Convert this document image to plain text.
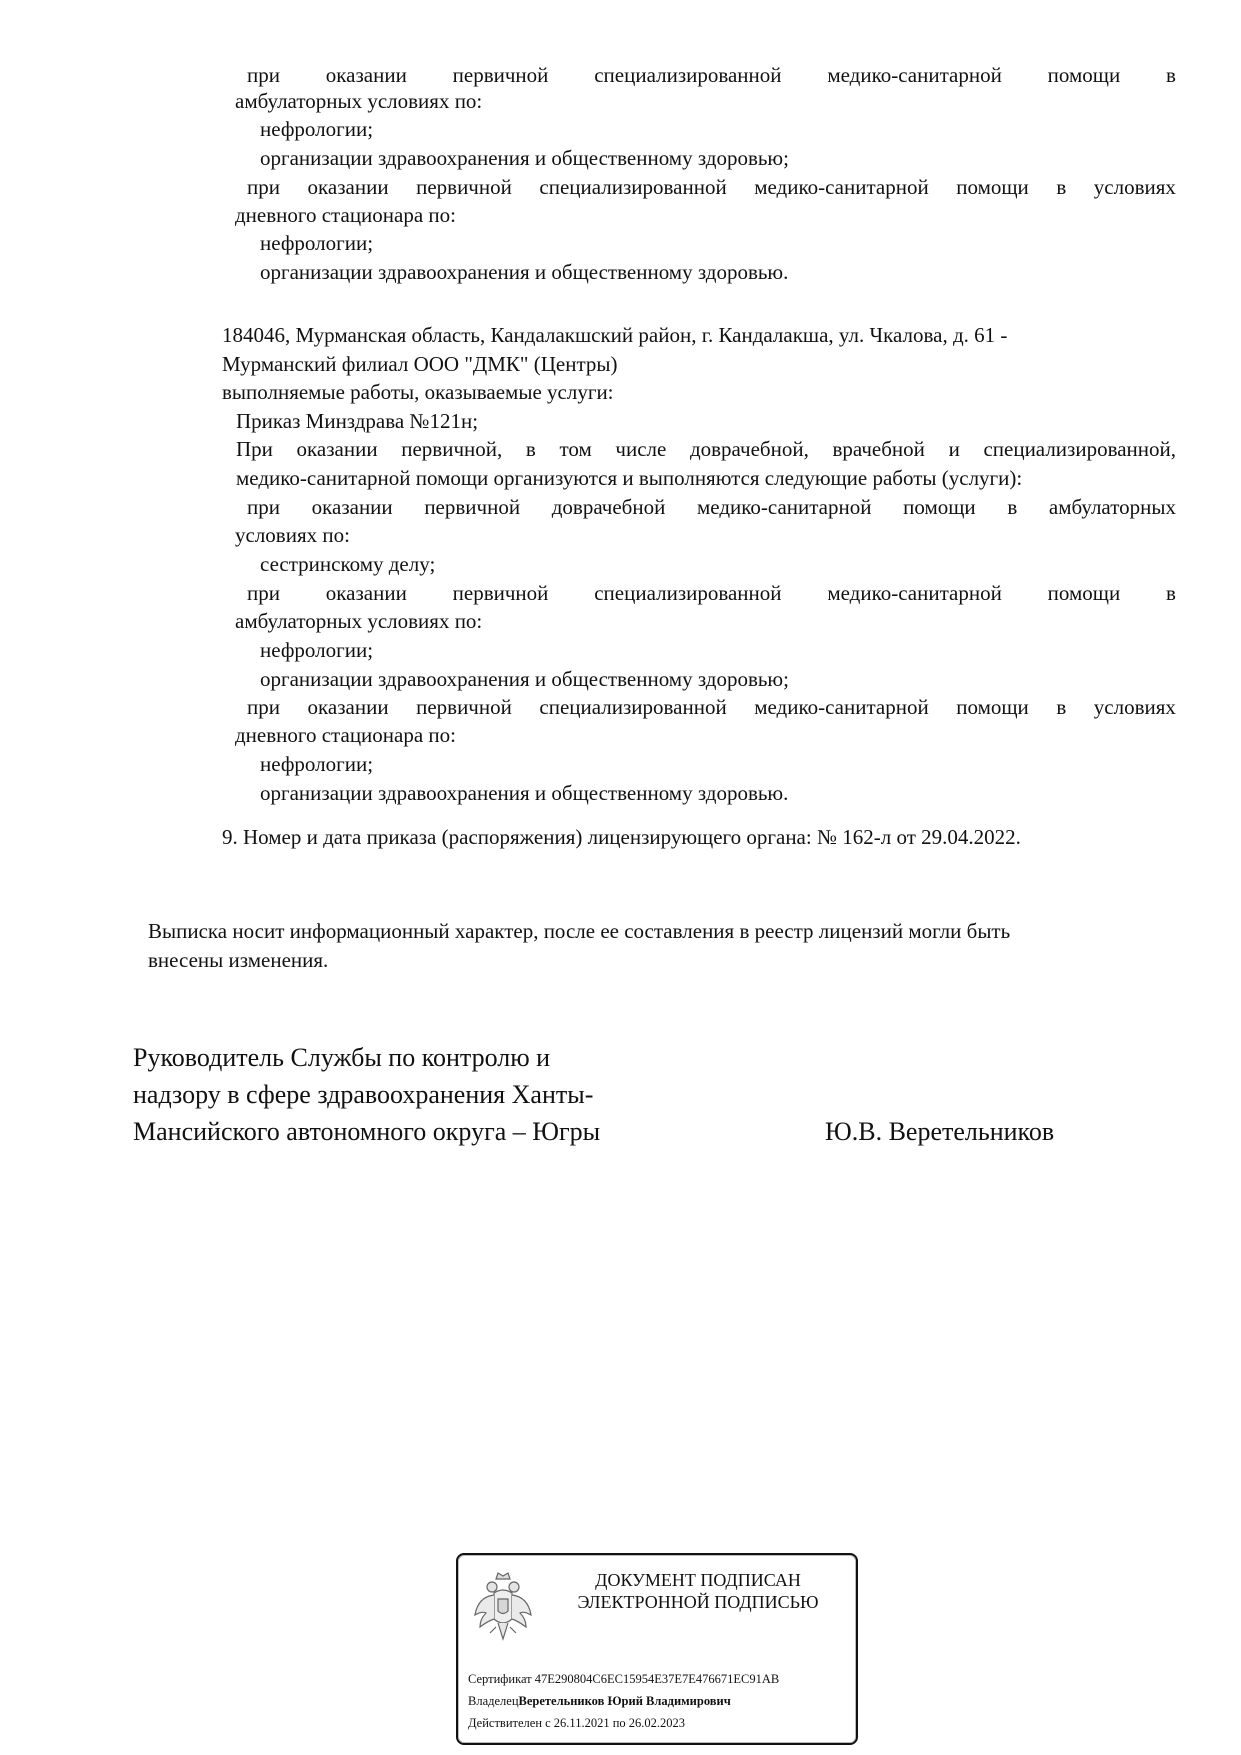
при оказании первичной специализированной медико-санитарной помощи в
амбулаторных условиях по:
нефрологии;
организации здравоохранения и общественному здоровью;
при оказании первичной специализированной медико-санитарной помощи в условиях
дневного стационара по:
нефрологии;
организации здравоохранения и общественному здоровью.
184046, Мурманская область, Кандалакшский район, г. Кандалакша, ул. Чкалова, д. 61 -
Мурманский филиал ООО "ДМК" (Центры)
выполняемые работы, оказываемые услуги:
Приказ Минздрава №121н;
При оказании первичной, в том числе доврачебной, врачебной и специализированной,
медико-санитарной помощи организуются и выполняются следующие работы (услуги):
при оказании первичной доврачебной медико-санитарной помощи в амбулаторных
условиях по:
сестринскому делу;
при оказании первичной специализированной медико-санитарной помощи в
амбулаторных условиях по:
нефрологии;
организации здравоохранения и общественному здоровью;
при оказании первичной специализированной медико-санитарной помощи в условиях
дневного стационара по:
нефрологии;
организации здравоохранения и общественному здоровью.
9. Номер и дата приказа (распоряжения) лицензирующего органа: № 162-л от 29.04.2022.
Выписка носит информационный характер, после ее составления в реестр лицензий могли быть
внесены изменения.
Руководитель Службы по контролю и
надзору в сфере здравоохранения Ханты-
Мансийского автономного округа – Югры	Ю.В. Веретельников
ДОКУМЕНТ ПОДПИСАН
ЭЛЕКТРОННОЙ ПОДПИСЬЮ
Сертификат 47E290804C6EC15954E37E7E476671EC91AB
ВладелецВеретельников Юрий Владимирович
Действителен с 26.11.2021 по 26.02.2023
